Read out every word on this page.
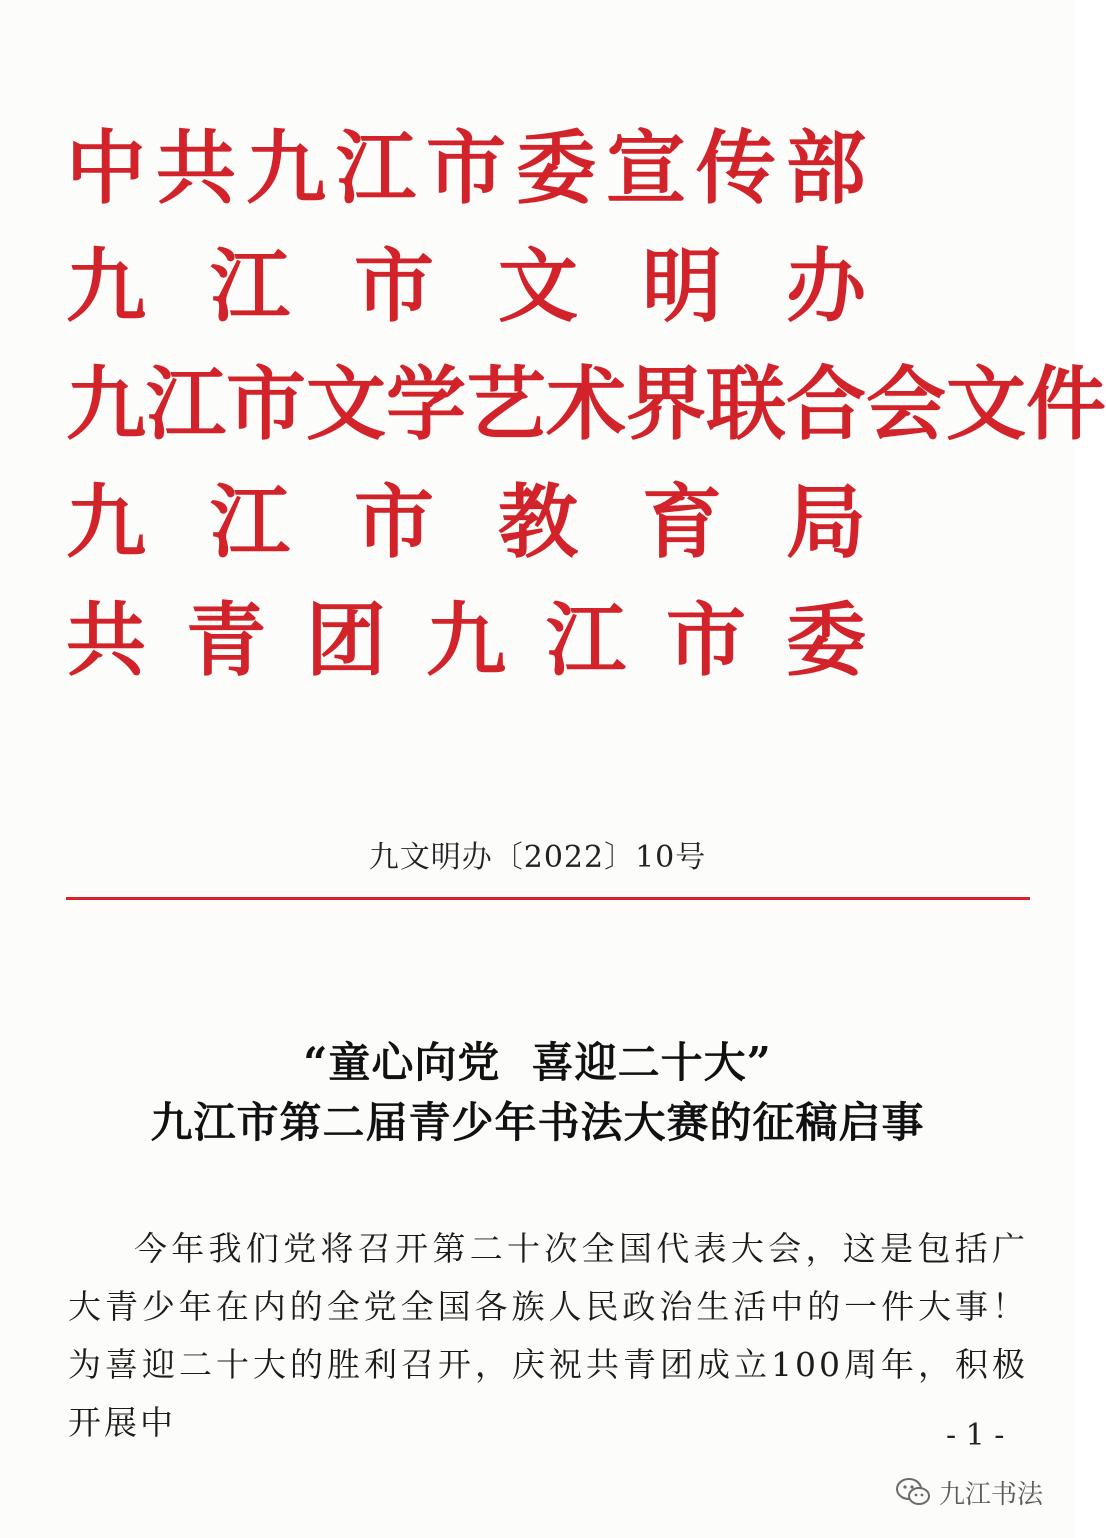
中 共 九 江 市 委 宣 传 部
九 江 市 文 明 办
九 江 市 文 学 艺 术 界 联 合 会 文 件
九 江 市 教 育 局
共 青 团 九 江 市 委
九文明办〔2022〕10号
“童心向党  喜迎二十大”
九江市第二届青少年书法大赛的征稿启事
今年我们党将召开第二十次全国代表大会，这是包括广大青少年在内的全党全国各族人民政治生活中的一件大事！为喜迎二十大的胜利召开，庆祝共青团成立100周年，积极开展中	- 1 -
九江书法
